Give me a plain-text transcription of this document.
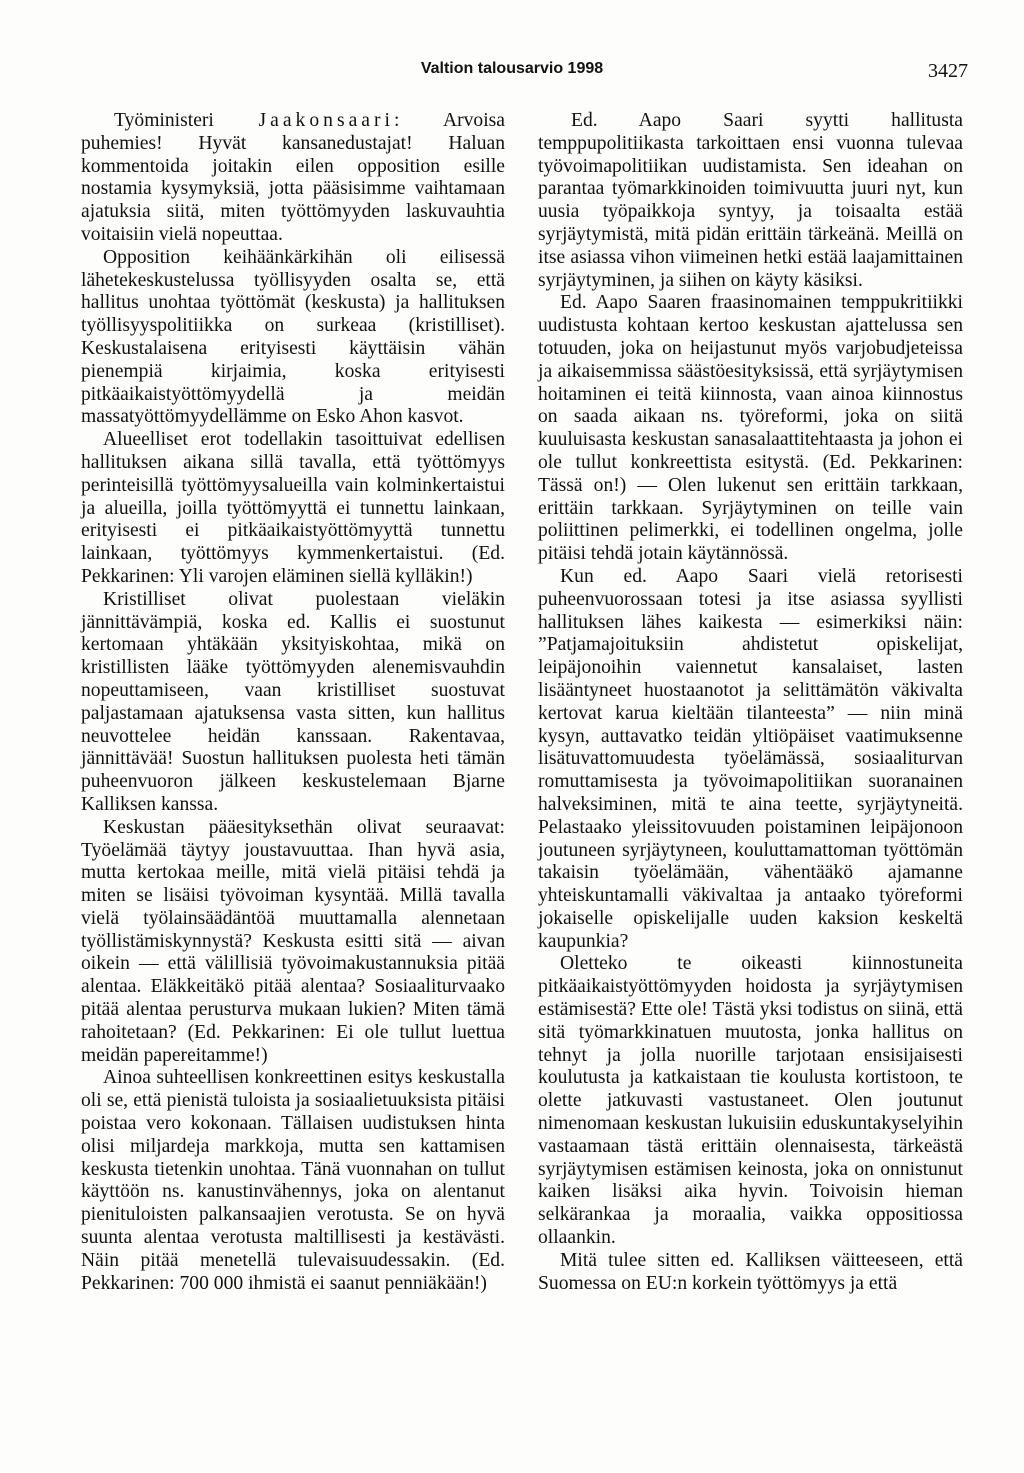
Valtion talousarvio 1998	3427

Työministeri Jaakonsaari: Arvoisa puhemies! Hyvät kansanedustajat! Haluan kommentoida joitakin eilen opposition esille nostamia kysymyksiä, jotta pääsisimme vaihtamaan ajatuksia siitä, miten työttömyyden laskuvauhtia voitaisiin vielä nopeuttaa.

Opposition keihäänkärkihän oli eilisessä lähetekeskustelussa työllisyyden osalta se, että hallitus unohtaa työttömät (keskusta) ja hallituksen työllisyyspolitiikka on surkeaa (kristilliset). Keskustalaisena erityisesti käyttäisin vähän pienempiä kirjaimia, koska erityisesti pitkäaikaistyöttömyydellä ja meidän massatyöttömyydellämme on Esko Ahon kasvot.

Alueelliset erot todellakin tasoittuivat edellisen hallituksen aikana sillä tavalla, että työttömyys perinteisillä työttömyysalueilla vain kolminkertaistui ja alueilla, joilla työttömyyttä ei tunnettu lainkaan, erityisesti ei pitkäaikaistyöttömyyttä tunnettu lainkaan, työttömyys kymmenkertaistui. (Ed. Pekkarinen: Yli varojen eläminen siellä kylläkin!)

Kristilliset olivat puolestaan vieläkin jännittävämpiä, koska ed. Kallis ei suostunut kertomaan yhtäkään yksityiskohtaa, mikä on kristillisten lääke työttömyyden alenemisvauhdin nopeuttamiseen, vaan kristilliset suostuvat paljastamaan ajatuksensa vasta sitten, kun hallitus neuvottelee heidän kanssaan. Rakentavaa, jännittävää! Suostun hallituksen puolesta heti tämän puheenvuoron jälkeen keskustelemaan Bjarne Kalliksen kanssa.

Keskustan pääesityksethän olivat seuraavat: Työelämää täytyy joustavuuttaa. Ihan hyvä asia, mutta kertokaa meille, mitä vielä pitäisi tehdä ja miten se lisäisi työvoiman kysyntää. Millä tavalla vielä työlainsäädäntöä muuttamalla alennetaan työllistämiskynnystä? Keskusta esitti sitä — aivan oikein — että välillisiä työvoimakustannuksia pitää alentaa. Eläkkeitäkö pitää alentaa? Sosiaaliturvaako pitää alentaa perusturva mukaan lukien? Miten tämä rahoitetaan? (Ed. Pekkarinen: Ei ole tullut luettua meidän papereitamme!)

Ainoa suhteellisen konkreettinen esitys keskustalla oli se, että pienistä tuloista ja sosiaalietuuksista pitäisi poistaa vero kokonaan. Tällaisen uudistuksen hinta olisi miljardeja markkoja, mutta sen kattamisen keskusta tietenkin unohtaa. Tänä vuonnahan on tullut käyttöön ns. kanustinvähennys, joka on alentanut pienituloisten palkansaajien verotusta. Se on hyvä suunta alentaa verotusta maltillisesti ja kestävästi. Näin pitää menetellä tulevaisuudessakin. (Ed. Pekkarinen: 700 000 ihmistä ei saanut penniäkään!)

Ed. Aapo Saari syytti hallitusta temppupolitiikasta tarkoittaen ensi vuonna tulevaa työvoimapolitiikan uudistamista. Sen ideahan on parantaa työmarkkinoiden toimivuutta juuri nyt, kun uusia työpaikkoja syntyy, ja toisaalta estää syrjäytymistä, mitä pidän erittäin tärkeänä. Meillä on itse asiassa vihon viimeinen hetki estää laajamittainen syrjäytyminen, ja siihen on käyty käsiksi.

Ed. Aapo Saaren fraasinomainen temppukritiikki uudistusta kohtaan kertoo keskustan ajattelussa sen totuuden, joka on heijastunut myös varjobudjeteissa ja aikaisemmissa säästöesityksissä, että syrjäytymisen hoitaminen ei teitä kiinnosta, vaan ainoa kiinnostus on saada aikaan ns. työreformi, joka on siitä kuuluisasta keskustan sanasalaattitehtaasta ja johon ei ole tullut konkreettista esitystä. (Ed. Pekkarinen: Tässä on!) — Olen lukenut sen erittäin tarkkaan, erittäin tarkkaan. Syrjäytyminen on teille vain poliittinen pelimerkki, ei todellinen ongelma, jolle pitäisi tehdä jotain käytännössä.

Kun ed. Aapo Saari vielä retorisesti puheenvuorossaan totesi ja itse asiassa syyllisti hallituksen lähes kaikesta — esimerkiksi näin: ”Patjamajoituksiin ahdistetut opiskelijat, leipäjonoihin vaiennetut kansalaiset, lasten lisääntyneet huostaanotot ja selittämätön väkivalta kertovat karua kieltään tilanteesta” — niin minä kysyn, auttavatko teidän yltiöpäiset vaatimuksenne lisätuvattomuudesta työelämässä, sosiaaliturvan romuttamisesta ja työvoimapolitiikan suoranainen halveksiminen, mitä te aina teette, syrjäytyneitä. Pelastaako yleissitovuuden poistaminen leipäjonoon joutuneen syrjäytyneen, kouluttamattoman työttömän takaisin työelämään, vähentääkö ajamanne yhteiskuntamalli väkivaltaa ja antaako työreformi jokaiselle opiskelijalle uuden kaksion keskeltä kaupunkia?

Oletteko te oikeasti kiinnostuneita pitkäaikaistyöttömyyden hoidosta ja syrjäytymisen estämisestä? Ette ole! Tästä yksi todistus on siinä, että sitä työmarkkinatuen muutosta, jonka hallitus on tehnyt ja jolla nuorille tarjotaan ensisijaisesti koulutusta ja katkaistaan tie koulusta kortistoon, te olette jatkuvasti vastustaneet. Olen joutunut nimenomaan keskustan lukuisiin eduskuntakyselyihin vastaamaan tästä erittäin olennaisesta, tärkeästä syrjäytymisen estämisen keinosta, joka on onnistunut kaiken lisäksi aika hyvin. Toivoisin hieman selkärankaa ja moraalia, vaikka oppositiossa ollaankin.

Mitä tulee sitten ed. Kalliksen väitteeseen, että Suomessa on EU:n korkein työttömyys ja että
